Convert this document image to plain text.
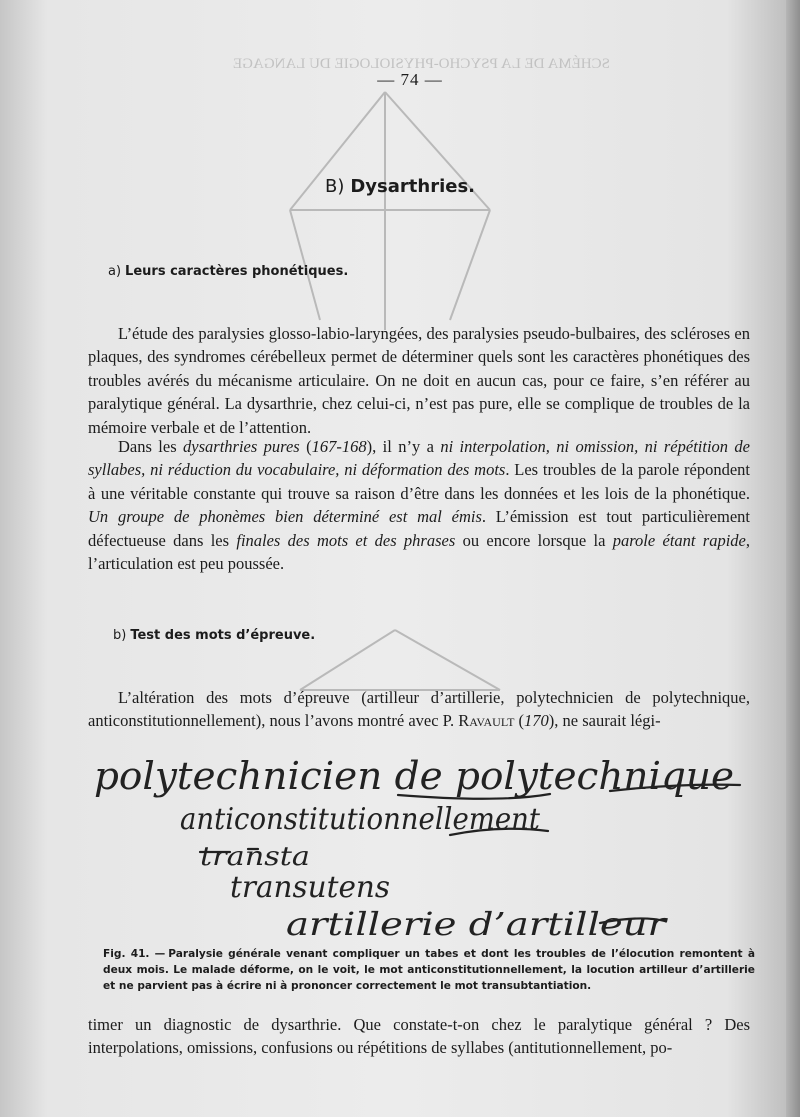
SCHÉMA DE LA PSYCHO-PHYSIOLOGIE DU LANGAGE
— 74 —
B) Dysarthries.
a) Leurs caractères phonétiques.

L’étude des paralysies glosso-labio-laryngées, des paralysies pseudo-bulbaires, des scléroses en plaques, des syndromes cérébelleux permet de déterminer quels sont les caractères phonétiques des troubles avérés du mécanisme articulaire. On ne doit en aucun cas, pour ce faire, s’en référer au paralytique général. La dysarthrie, chez celui-ci, n’est pas pure, elle se complique de troubles de la mémoire verbale et de l’attention.

Dans les dysarthries pures (167-168), il n’y a ni interpolation, ni omission, ni répétition de syllabes, ni réduction du vocabulaire, ni déformation des mots. Les troubles de la parole répondent à une véritable constante qui trouve sa raison d’être dans les données et les lois de la phonétique. Un groupe de phonèmes bien déterminé est mal émis. L’émission est tout particulièrement défectueuse dans les finales des mots et des phrases ou encore lorsque la parole étant rapide, l’articulation est peu poussée.

b) Test des mots d’épreuve.

L’altération des mots d’épreuve (artilleur d’artillerie, polytechnicien de polytechnique, anticonstitutionnellement), nous l’avons montré avec P. Ravault (170), ne saurait légi-

polytechnicien de polytechnique
anticonstitutionnellement
transta
transutens
artillerie d’artilleur

Fig. 41. — Paralysie générale venant compliquer un tabes et dont les troubles de l’élocution remontent à deux mois. Le malade déforme, on le voit, le mot anticonstitutionnellement, la locution artilleur d’artillerie et ne parvient pas à écrire ni à prononcer correctement le mot transubtantiation.

timer un diagnostic de dysarthrie. Que constate-t-on chez le paralytique général ? Des interpolations, omissions, confusions ou répétitions de syllabes (antitutionnellement, po-
